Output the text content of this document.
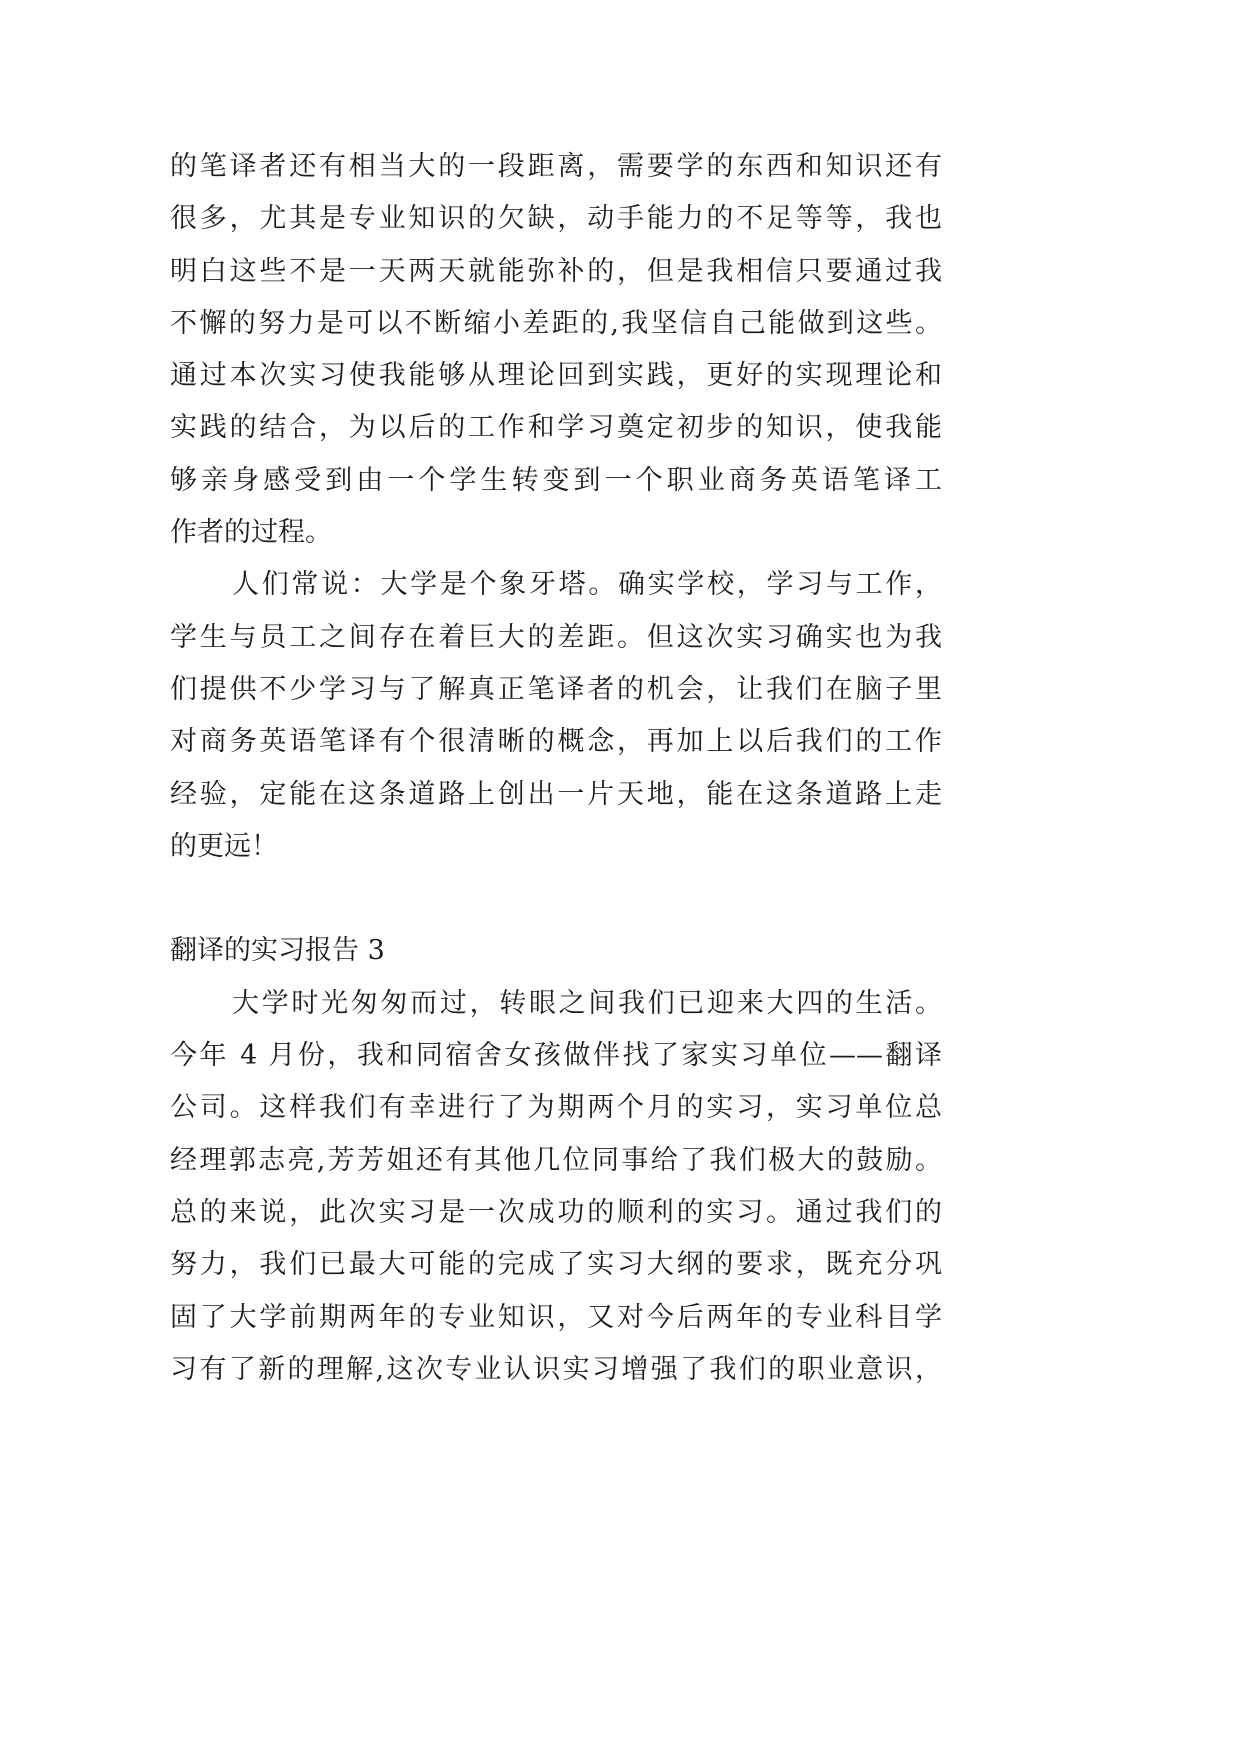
的笔译者还有相当大的一段距离，需要学的东西和知识还有
很多，尤其是专业知识的欠缺，动手能力的不足等等，我也
明白这些不是一天两天就能弥补的，但是我相信只要通过我
不懈的努力是可以不断缩小差距的,我坚信自己能做到这些。
通过本次实习使我能够从理论回到实践，更好的实现理论和
实践的结合，为以后的工作和学习奠定初步的知识，使我能
够亲身感受到由一个学生转变到一个职业商务英语笔译工
作者的过程。
人们常说：大学是个象牙塔。确实学校，学习与工作，
学生与员工之间存在着巨大的差距。但这次实习确实也为我
们提供不少学习与了解真正笔译者的机会，让我们在脑子里
对商务英语笔译有个很清晰的概念，再加上以后我们的工作
经验，定能在这条道路上创出一片天地，能在这条道路上走
的更远！
翻译的实习报告 3
大学时光匆匆而过，转眼之间我们已迎来大四的生活。
今年 4 月份，我和同宿舍女孩做伴找了家实习单位——翻译
公司。这样我们有幸进行了为期两个月的实习，实习单位总
经理郭志亮,芳芳姐还有其他几位同事给了我们极大的鼓励。
总的来说，此次实习是一次成功的顺利的实习。通过我们的
努力，我们已最大可能的完成了实习大纲的要求，既充分巩
固了大学前期两年的专业知识，又对今后两年的专业科目学
习有了新的理解,这次专业认识实习增强了我们的职业意识，
